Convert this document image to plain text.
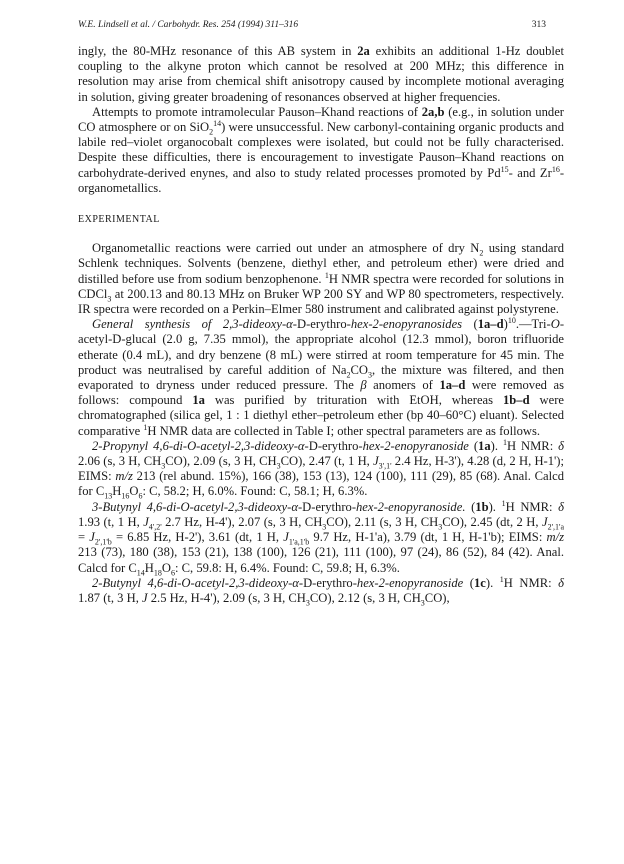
W.E. Lindsell et al. / Carbohydr. Res. 254 (1994) 311–316	313

ingly, the 80-MHz resonance of this AB system in 2a exhibits an additional 1-Hz doublet coupling to the alkyne proton which cannot be resolved at 200 MHz; this difference in resolution may arise from chemical shift anisotropy caused by incomplete motional averaging in solution, giving greater broadening of resonances observed at higher frequencies.

Attempts to promote intramolecular Pauson–Khand reactions of 2a,b (e.g., in solution under CO atmosphere or on SiO$_2^{14}$) were unsuccessful. New carbonyl-containing organic products and labile red–violet organocobalt complexes were isolated, but could not be fully characterised. Despite these difficulties, there is encouragement to investigate Pauson–Khand reactions on carbohydrate-derived enynes, and also to study related processes promoted by Pd$^{15}$- and Zr$^{16}$-organometallics.

EXPERIMENTAL

Organometallic reactions were carried out under an atmosphere of dry $N_2$ using standard Schlenk techniques. Solvents (benzene, diethyl ether, and petroleum ether) were dried and distilled before use from sodium benzophenone. $^1$H NMR spectra were recorded for solutions in CDCl$_3$ at 200.13 and 80.13 MHz on Bruker WP 200 SY and WP 80 spectrometers, respectively. IR spectra were recorded on a Perkin–Elmer 580 instrument and calibrated against polystyrene.

General synthesis of 2,3-dideoxy-α-D-erythro-hex-2-enopyranosides $(1a-d)^{10}.—Tri-O-acetyl-D$-glucal (2.0 g, 7.35 mmol), the appropriate alcohol (12.3 mmol), boron trifluoride etherate (0.4 mL), and dry benzene (8 mL) were stirred at room temperature for 45 min. The product was neutralised by careful addition of $Na_2CO_3$, the mixture was filtered, and then evaporated to dryness under reduced pressure. The β anomers of 1a–d were removed as follows: compound 1a was purified by trituration with EtOH, whereas 1b–d were chromatographed (silica gel, 1 : 1 diethyl ether–petroleum ether (bp 40–60°C) eluant). Selected comparative $^1$H NMR data are collected in Table I; other spectral parameters are as follows.

2-Propynyl 4,6-di-O-acetyl-2,3-dideoxy-α-D-erythro-hex-2-enopyranoside (1a). $^1$H NMR: δ 2.06 (s, 3 H, $CH_3CO$), 2.09 (s, 3 H, $CH_3CO$), 2.47 (t, 1 H, $J_{3',1'}$ 2.4 Hz, H-3'), 4.28 (d, 2 H, H-1'); EIMS: m/z 213 (rel abund. 15%), 166 (38), 153 (13), 124 (100), 111 (29), 85 (68). Anal. Calcd for $C_{13}H_{16}O_6$: C, 58.2; H, 6.0%. Found: C, 58.1; H, 6.3%.

3-Butynyl 4,6-di-O-acetyl-2,3-dideoxy-α-D-erythro-hex-2-enopyranoside. (1b). $^1$H NMR: δ 1.93 (t, 1 H, $J_{4',2'}$ 2.7 Hz, H-4'), 2.07 (s, 3 H, $CH_3CO$), 2.11 (s, 3 H, $CH_3CO$), 2.45 (dt, 2 H, $J_{2',1'a} = J_{2',1'b} = 6.85$ Hz, H-2'), 3.61 (dt, 1 H, $J_{1'a,1'b}$ 9.7 Hz, H-1'a), 3.79 (dt, 1 H, H-1'b); EIMS: m/z 213 (73), 180 (38), 153 (21), 138 (100), 126 (21), 111 (100), 97 (24), 86 (52), 84 (42). Anal. Calcd for $C_{14}H_{18}O_6$: C, 59.8: H, 6.4%. Found: C, 59.8; H, 6.3%.

2-Butynyl 4,6-di-O-acetyl-2,3-dideoxy-α-D-erythro-hex-2-enopyranoside (1c). $^1$H NMR: δ 1.87 (t, 3 H, J 2.5 Hz, H-4'), 2.09 (s, 3 H, $CH_3CO$), 2.12 (s, 3 H, $CH_3CO$),
